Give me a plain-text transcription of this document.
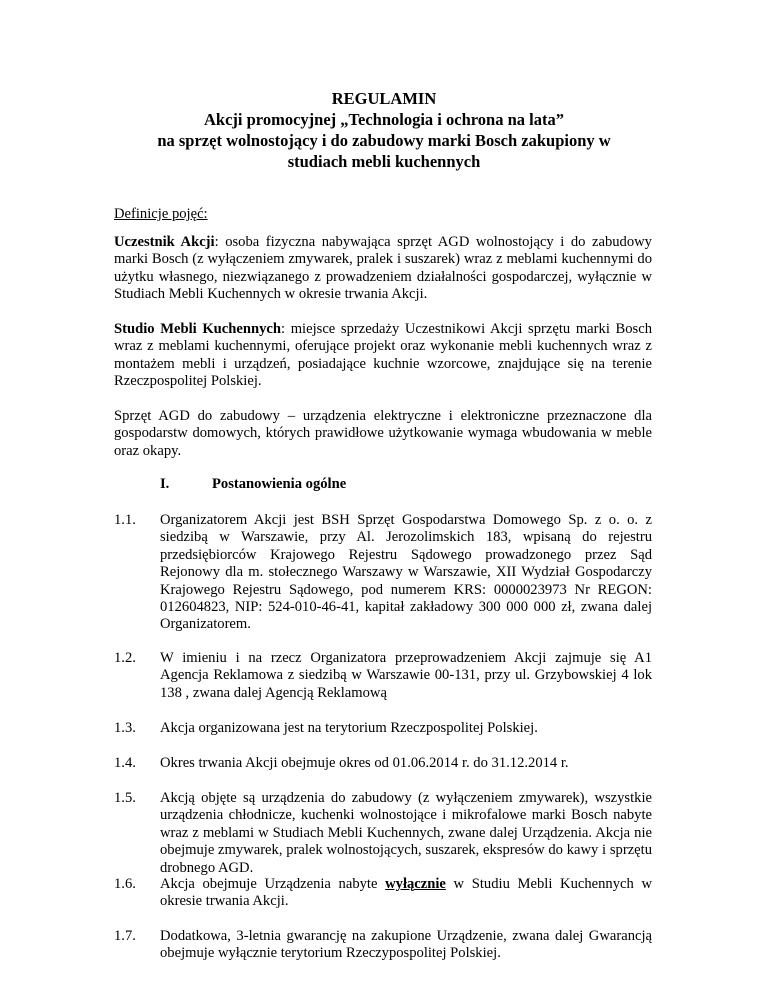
REGULAMIN
Akcji promocyjnej „Technologia i ochrona na lata”
na sprzęt wolnostojący i do zabudowy marki Bosch zakupiony w
studiach mebli kuchennych
Definicje pojęć:
Uczestnik Akcji: osoba fizyczna nabywająca sprzęt AGD wolnostojący i do zabudowy marki Bosch (z wyłączeniem zmywarek, pralek i suszarek) wraz z meblami kuchennymi do użytku własnego, niezwiązanego z prowadzeniem działalności gospodarczej, wyłącznie w Studiach Mebli Kuchennych w okresie trwania Akcji.
Studio Mebli Kuchennych: miejsce sprzedaży Uczestnikowi Akcji sprzętu marki Bosch wraz z meblami kuchennymi, oferujące projekt oraz wykonanie mebli kuchennych wraz z montażem mebli i urządzeń, posiadające kuchnie wzorcowe, znajdujące się na terenie Rzeczpospolitej Polskiej.
Sprzęt AGD do zabudowy – urządzenia elektryczne i elektroniczne przeznaczone dla gospodarstw domowych, których prawidłowe użytkowanie wymaga wbudowania w meble oraz okapy.
I.	Postanowienia ogólne
1.1.	Organizatorem Akcji jest BSH Sprzęt Gospodarstwa Domowego Sp. z o. o. z siedzibą w Warszawie, przy Al. Jerozolimskich 183, wpisaną do rejestru przedsiębiorców Krajowego Rejestru Sądowego prowadzonego przez Sąd Rejonowy dla m. stołecznego Warszawy w Warszawie, XII Wydział Gospodarczy Krajowego Rejestru Sądowego, pod numerem KRS: 0000023973 Nr REGON: 012604823, NIP: 524-010-46-41, kapitał zakładowy 300 000 000 zł, zwana dalej Organizatorem.
1.2.	W imieniu i na rzecz Organizatora przeprowadzeniem Akcji zajmuje się A1 Agencja Reklamowa z siedzibą w Warszawie 00-131, przy ul. Grzybowskiej 4 lok 138 , zwana dalej Agencją Reklamową
1.3.	Akcja organizowana jest na terytorium Rzeczpospolitej Polskiej.
1.4.	Okres trwania Akcji obejmuje okres od 01.06.2014 r. do 31.12.2014 r.
1.5.	Akcją objęte są urządzenia do zabudowy (z wyłączeniem zmywarek), wszystkie urządzenia chłodnicze, kuchenki wolnostojące i mikrofalowe marki Bosch nabyte wraz z meblami w Studiach Mebli Kuchennych, zwane dalej Urządzenia. Akcja nie obejmuje zmywarek, pralek wolnostojących, suszarek, ekspresów do kawy i sprzętu drobnego AGD.
1.6.	Akcja obejmuje Urządzenia nabyte wyłącznie w Studiu Mebli Kuchennych w okresie trwania Akcji.
1.7.	Dodatkowa, 3-letnia gwarancję na zakupione Urządzenie, zwana dalej Gwarancją obejmuje wyłącznie terytorium Rzeczypospolitej Polskiej.
